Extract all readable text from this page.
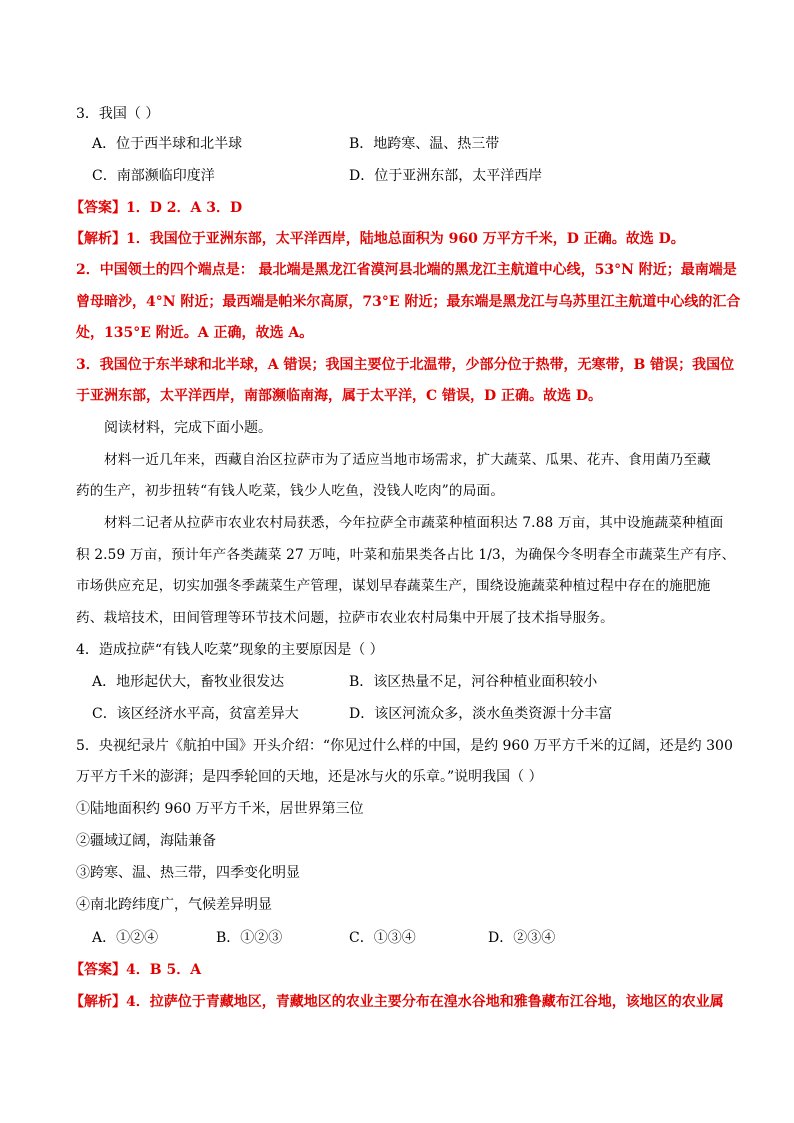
3．我国（ ）
A．位于西半球和北半球	B．地跨寒、温、热三带
C．南部濒临印度洋	D．位于亚洲东部，太平洋西岸
【答案】1．D 2．A 3．D
【解析】1．我国位于亚洲东部，太平洋西岸，陆地总面积为 960 万平方千米，D 正确。故选 D。
2．中国领土的四个端点是： 最北端是黑龙江省漠河县北端的黑龙江主航道中心线，53°N 附近；最南端是
曾母暗沙，4°N 附近；最西端是帕米尔高原，73°E 附近；最东端是黑龙江与乌苏里江主航道中心线的汇合
处，135°E 附近。A 正确，故选 A。
3．我国位于东半球和北半球，A 错误；我国主要位于北温带，少部分位于热带，无寒带，B 错误；我国位
于亚洲东部，太平洋西岸，南部濒临南海，属于太平洋，C 错误，D 正确。故选 D。
阅读材料，完成下面小题。
材料一近几年来，西藏自治区拉萨市为了适应当地市场需求，扩大蔬菜、瓜果、花卉、食用菌乃至藏
药的生产，初步扭转“有钱人吃菜，钱少人吃鱼，没钱人吃肉”的局面。
材料二记者从拉萨市农业农村局获悉，今年拉萨全市蔬菜种植面积达 7.88 万亩，其中设施蔬菜种植面
积 2.59 万亩，预计年产各类蔬菜 27 万吨，叶菜和茄果类各占比 1/3，为确保今冬明春全市蔬菜生产有序、
市场供应充足，切实加强冬季蔬菜生产管理，谋划早春蔬菜生产，围绕设施蔬菜种植过程中存在的施肥施
药、栽培技术，田间管理等环节技术问题，拉萨市农业农村局集中开展了技术指导服务。
4．造成拉萨“有钱人吃菜”现象的主要原因是（ ）
A．地形起伏大，畜牧业很发达	B．该区热量不足，河谷种植业面积较小
C．该区经济水平高，贫富差异大	D．该区河流众多，淡水鱼类资源十分丰富
5．央视纪录片《航拍中国》开头介绍：“你见过什么样的中国，是约 960 万平方千米的辽阔，还是约 300
万平方千米的澎湃；是四季轮回的天地，还是冰与火的乐章。”说明我国（ ）
①陆地面积约 960 万平方千米，居世界第三位
②疆域辽阔，海陆兼备
③跨寒、温、热三带，四季变化明显
④南北跨纬度广，气候差异明显
A．①②④	B．①②③	C．①③④	D．②③④
【答案】4．B 5．A
【解析】4．拉萨位于青藏地区，青藏地区的农业主要分布在湟水谷地和雅鲁藏布江谷地，该地区的农业属
